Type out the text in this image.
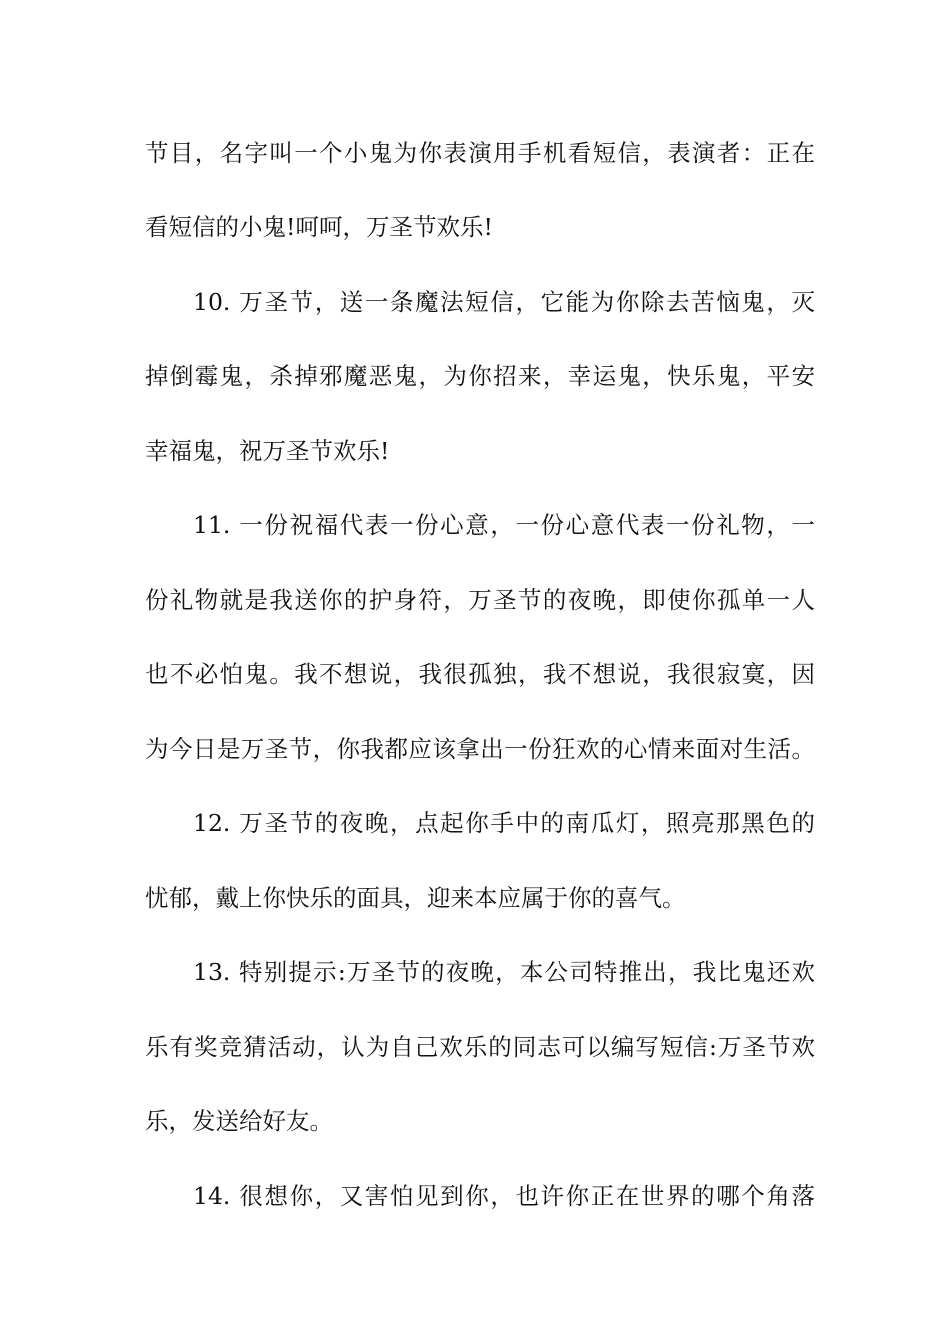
节目，名字叫一个小鬼为你表演用手机看短信，表演者：正在
看短信的小鬼!呵呵，万圣节欢乐!
10. 万圣节，送一条魔法短信，它能为你除去苦恼鬼，灭
掉倒霉鬼，杀掉邪魔恶鬼，为你招来，幸运鬼，快乐鬼，平安
幸福鬼，祝万圣节欢乐!
11. 一份祝福代表一份心意，一份心意代表一份礼物，一
份礼物就是我送你的护身符，万圣节的夜晚，即使你孤单一人
也不必怕鬼。我不想说，我很孤独，我不想说，我很寂寞，因
为今日是万圣节，你我都应该拿出一份狂欢的心情来面对生活。
12. 万圣节的夜晚，点起你手中的南瓜灯，照亮那黑色的
忧郁，戴上你快乐的面具，迎来本应属于你的喜气。
13. 特别提示:万圣节的夜晚，本公司特推出，我比鬼还欢
乐有奖竞猜活动，认为自己欢乐的同志可以编写短信:万圣节欢
乐，发送给好友。
14. 很想你，又害怕见到你，也许你正在世界的哪个角落
